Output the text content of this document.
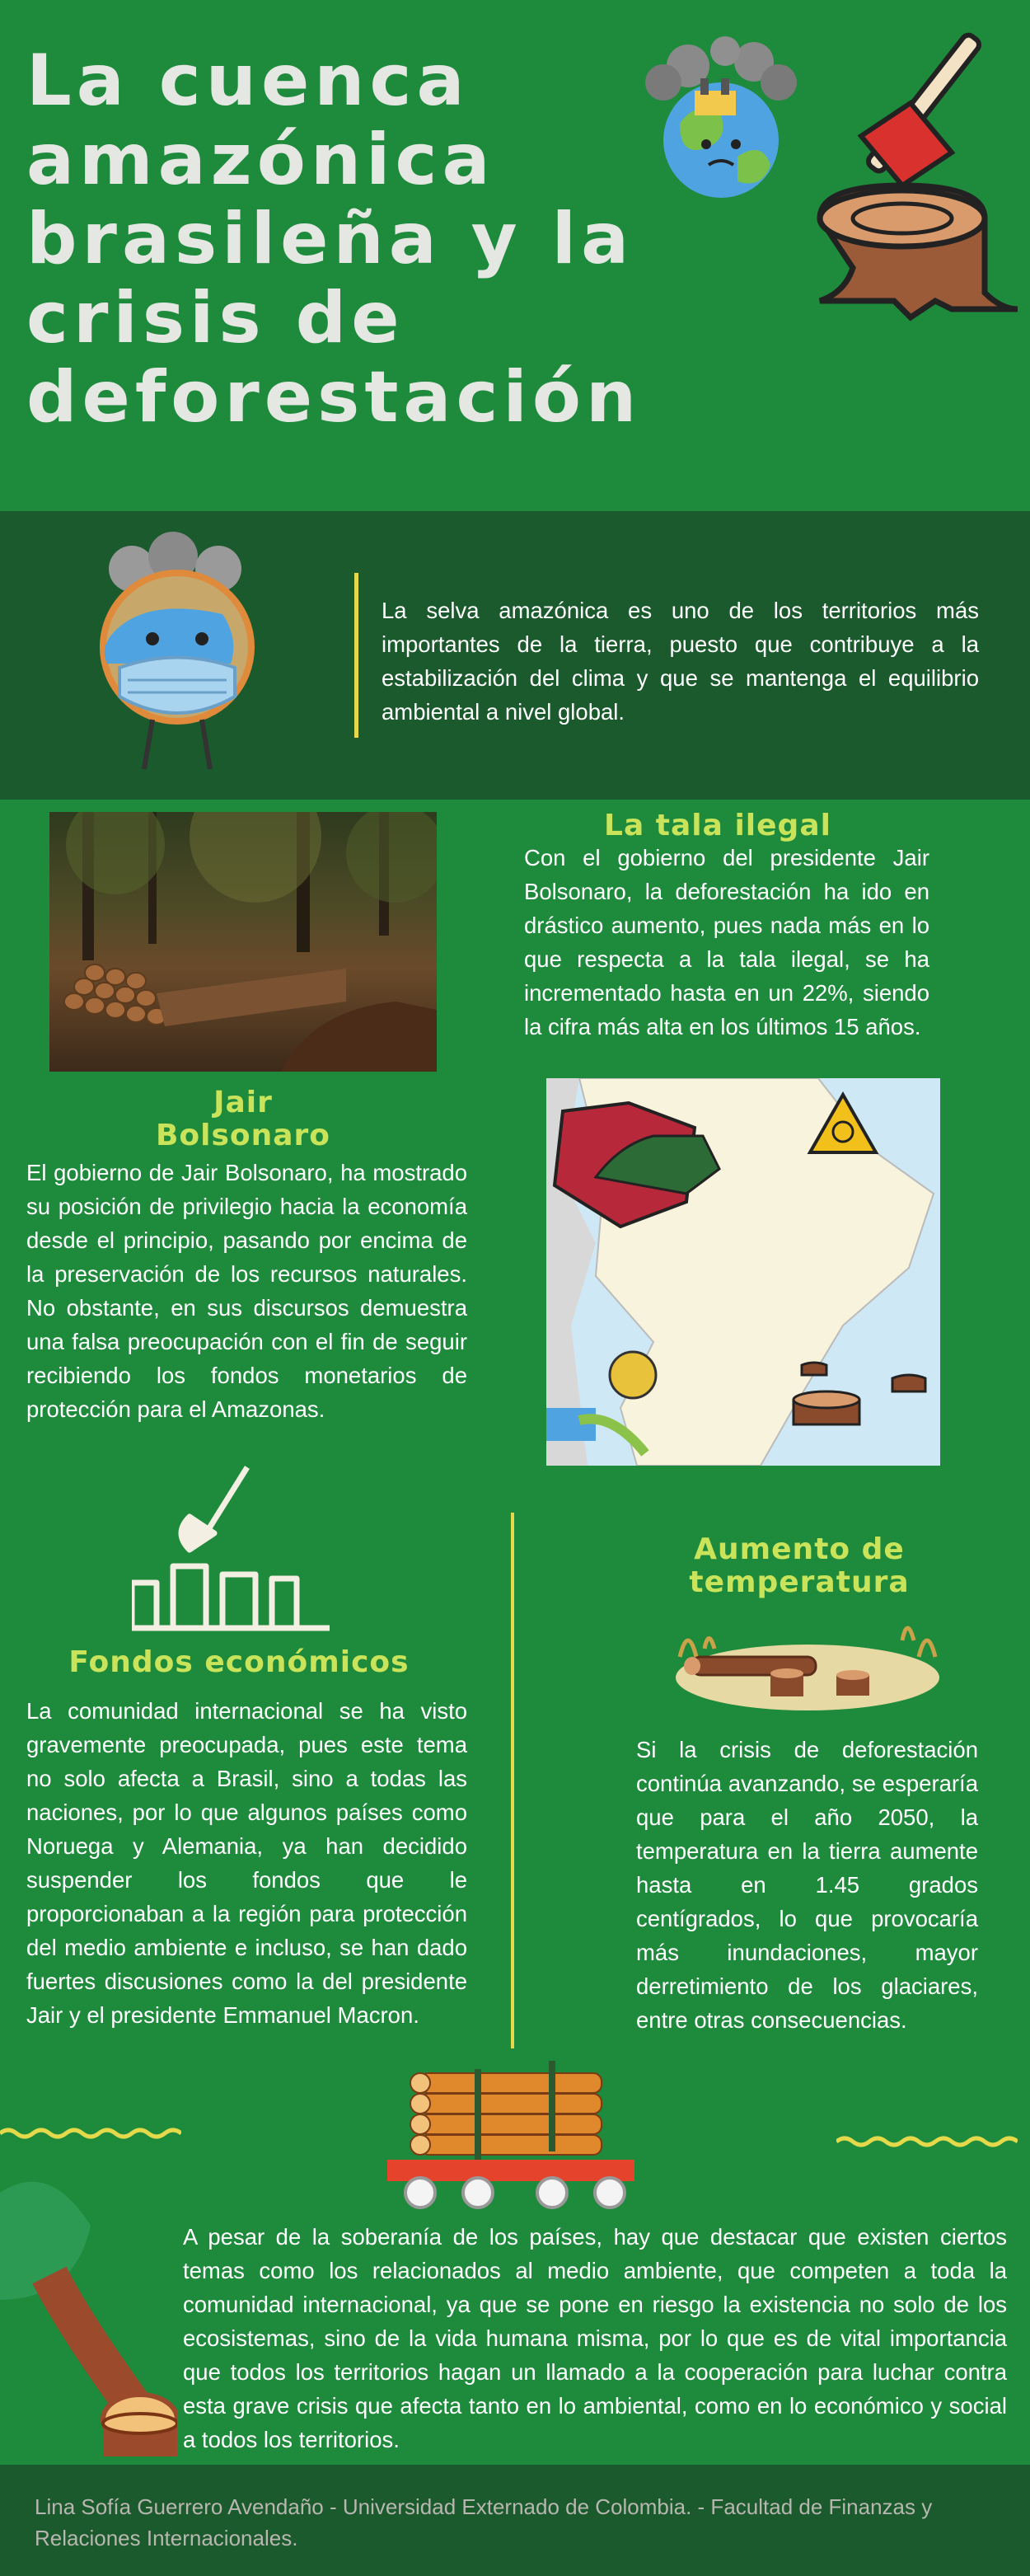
La cuenca amazónica brasileña y la crisis de deforestación

La selva amazónica es uno de los territorios más importantes de la tierra, puesto que contribuye a la estabilización del clima y que se mantenga el equilibrio ambiental a nivel global.

La tala ilegal

Con el gobierno del presidente Jair Bolsonaro, la deforestación ha ido en drástico aumento, pues nada más en lo que respecta a la tala ilegal, se ha incrementado hasta en un 22%, siendo la cifra más alta en los últimos 15 años.

Jair
Bolsonaro

El gobierno de Jair Bolsonaro, ha mostrado su posición de privilegio hacia la economía desde el principio, pasando por encima de la preservación de los recursos naturales. No obstante, en sus discursos demuestra una falsa preocupación con el fin de seguir recibiendo los fondos monetarios de protección para el Amazonas.

Fondos económicos

La comunidad internacional se ha visto gravemente preocupada, pues este tema no solo afecta a Brasil, sino a todas las naciones, por lo que algunos países como Noruega y Alemania, ya han decidido suspender los fondos que le proporcionaban a la región para protección del medio ambiente e incluso, se han dado fuertes discusiones como la del presidente Jair y el presidente Emmanuel Macron.

Aumento de
temperatura

Si la crisis de deforestación continúa avanzando, se esperaría que para el año 2050, la temperatura en la tierra aumente hasta en 1.45 grados centígrados, lo que provocaría más inundaciones, mayor derretimiento de los glaciares, entre otras consecuencias.

A pesar de la soberanía de los países, hay que destacar que existen ciertos temas como los relacionados al medio ambiente, que competen a toda la comunidad internacional, ya que se pone en riesgo la existencia no solo de los ecosistemas, sino de la vida humana misma, por lo que es de vital importancia que todos los territorios hagan un llamado a la cooperación para luchar contra esta grave crisis que afecta tanto en lo ambiental, como en lo económico y social a todos los territorios.

Lina Sofía Guerrero Avendaño - Universidad Externado de Colombia. - Facultad de Finanzas y Relaciones Internacionales.
